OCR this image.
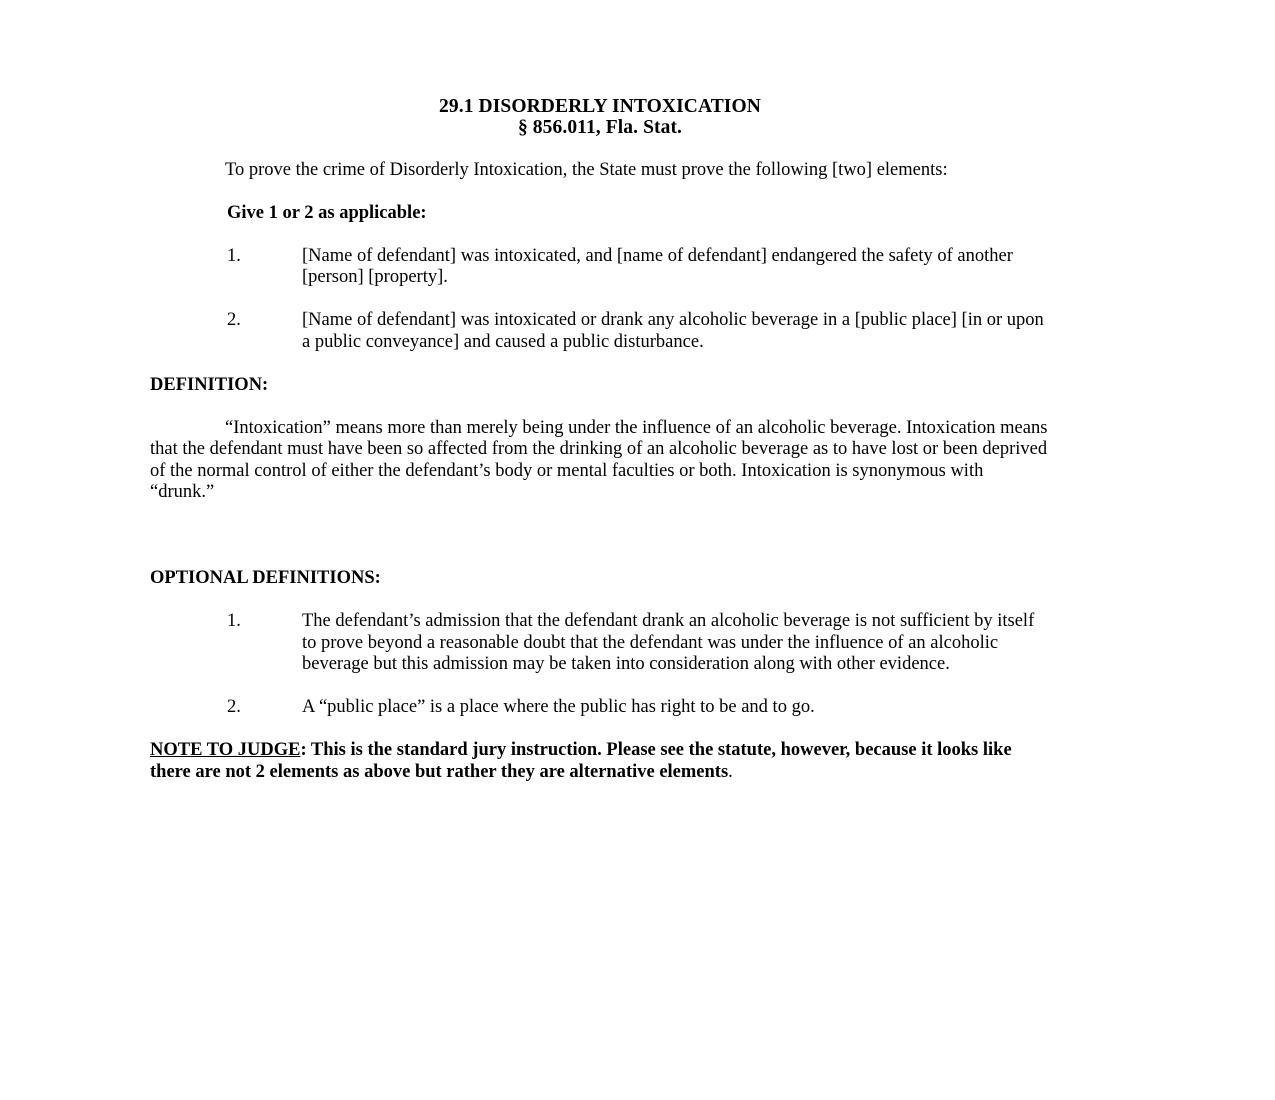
29.1 DISORDERLY INTOXICATION
§ 856.011, Fla. Stat.

To prove the crime of Disorderly Intoxication, the State must prove the following [two] elements:

Give 1 or 2 as applicable:

1.	[Name of defendant] was intoxicated, and [name of defendant] endangered the safety of another [person] [property].
2.	[Name of defendant] was intoxicated or drank any alcoholic beverage in a [public place] [in or upon a public conveyance] and caused a public disturbance.

DEFINITION:

“Intoxication” means more than merely being under the influence of an alcoholic beverage. Intoxication means that the defendant must have been so affected from the drinking of an alcoholic beverage as to have lost or been deprived of the normal control of either the defendant’s body or mental faculties or both. Intoxication is synonymous with “drunk.”

OPTIONAL DEFINITIONS:

1.	The defendant’s admission that the defendant drank an alcoholic beverage is not sufficient by itself to prove beyond a reasonable doubt that the defendant was under the influence of an alcoholic beverage but this admission may be taken into consideration along with other evidence.
2.	A “public place” is a place where the public has right to be and to go.

NOTE TO JUDGE: This is the standard jury instruction. Please see the statute, however, because it looks like there are not 2 elements as above but rather they are alternative elements.
